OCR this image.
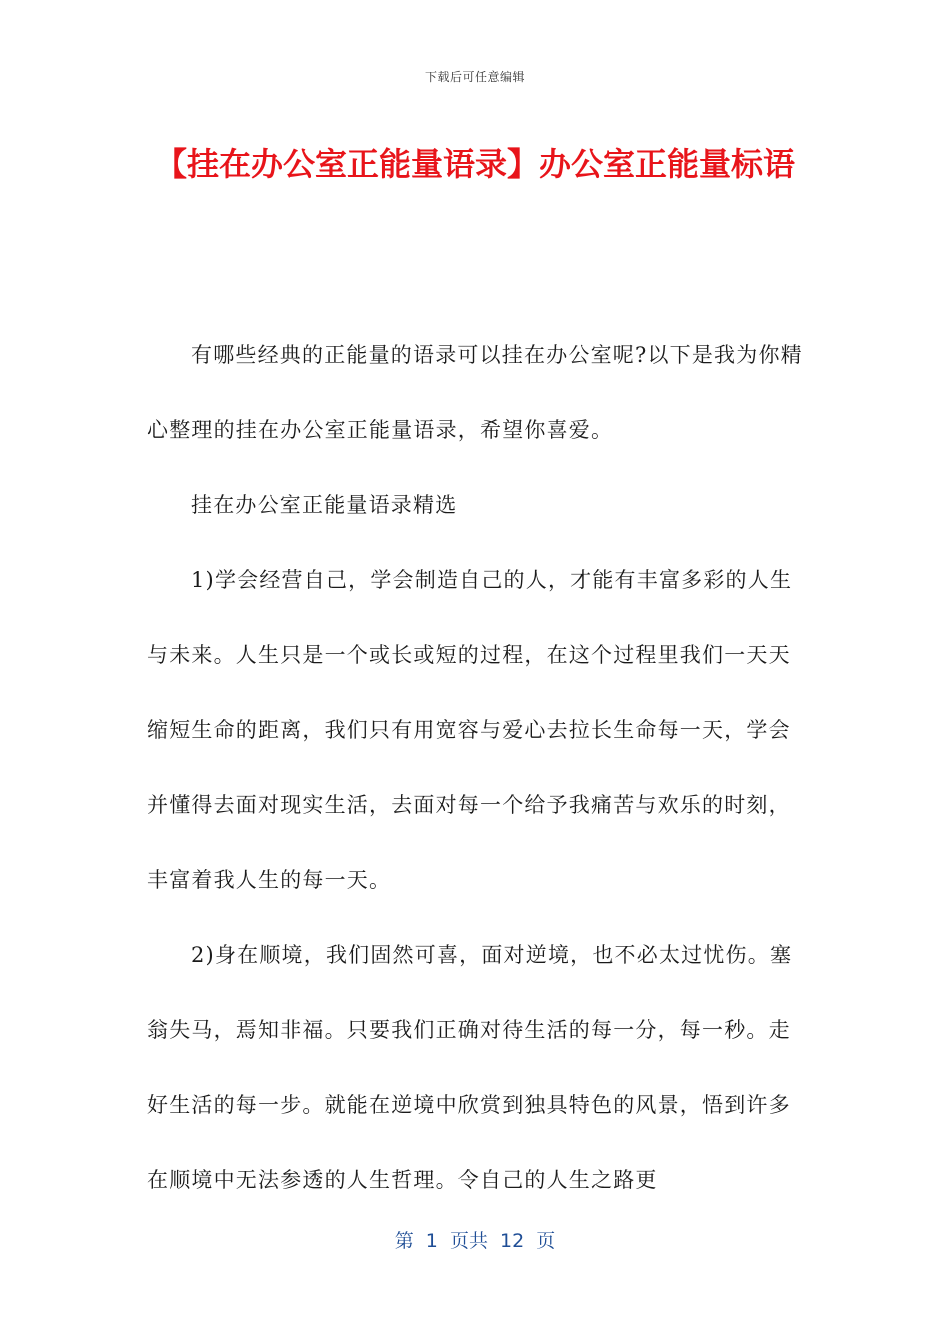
下载后可任意编辑
【挂在办公室正能量语录】办公室正能量标语

有哪些经典的正能量的语录可以挂在办公室呢?以下是我为你精心整理的挂在办公室正能量语录，希望你喜爱。

挂在办公室正能量语录精选

1)学会经营自己，学会制造自己的人，才能有丰富多彩的人生与未来。人生只是一个或长或短的过程，在这个过程里我们一天天缩短生命的距离，我们只有用宽容与爱心去拉长生命每一天，学会并懂得去面对现实生活，去面对每一个给予我痛苦与欢乐的时刻，丰富着我人生的每一天。

2)身在顺境，我们固然可喜，面对逆境，也不必太过忧伤。塞翁失马，焉知非福。只要我们正确对待生活的每一分，每一秒。走好生活的每一步。就能在逆境中欣赏到独具特色的风景，悟到许多在顺境中无法参透的人生哲理。令自己的人生之路更

第  1  页共  12  页
